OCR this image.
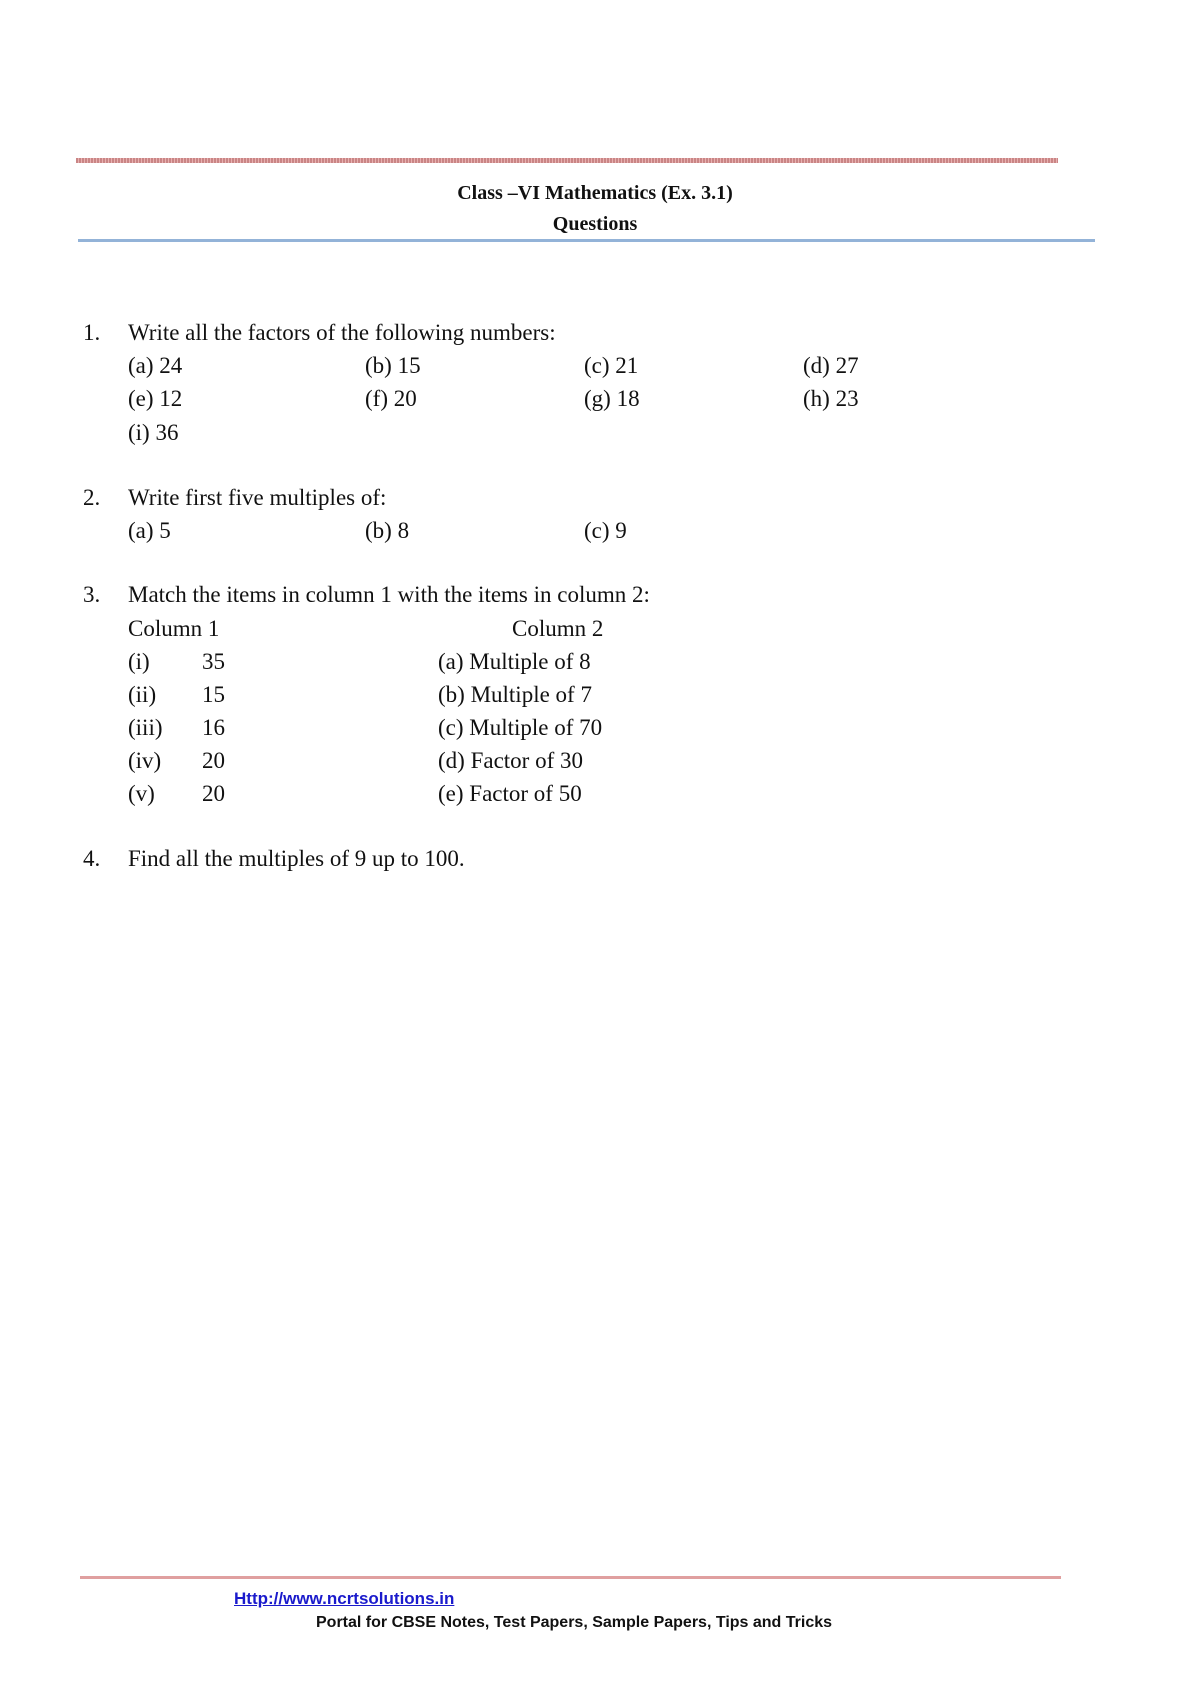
Class –VI Mathematics (Ex. 3.1)
Questions
1. Write all the factors of the following numbers:
(a) 24	(b) 15	(c) 21	(d) 27
(e) 12	(f) 20	(g) 18	(h) 23
(i) 36
2. Write first five multiples of:
(a) 5	(b) 8	(c) 9
3. Match the items in column 1 with the items in column 2:
Column 1	Column 2
(i) 35	(a) Multiple of 8
(ii) 15	(b) Multiple of 7
(iii) 16	(c) Multiple of 70
(iv) 20	(d) Factor of 30
(v) 20	(e) Factor of 50
4. Find all the multiples of 9 up to 100.
Http://www.ncrtsolutions.in
Portal for CBSE Notes, Test Papers, Sample Papers, Tips and Tricks
